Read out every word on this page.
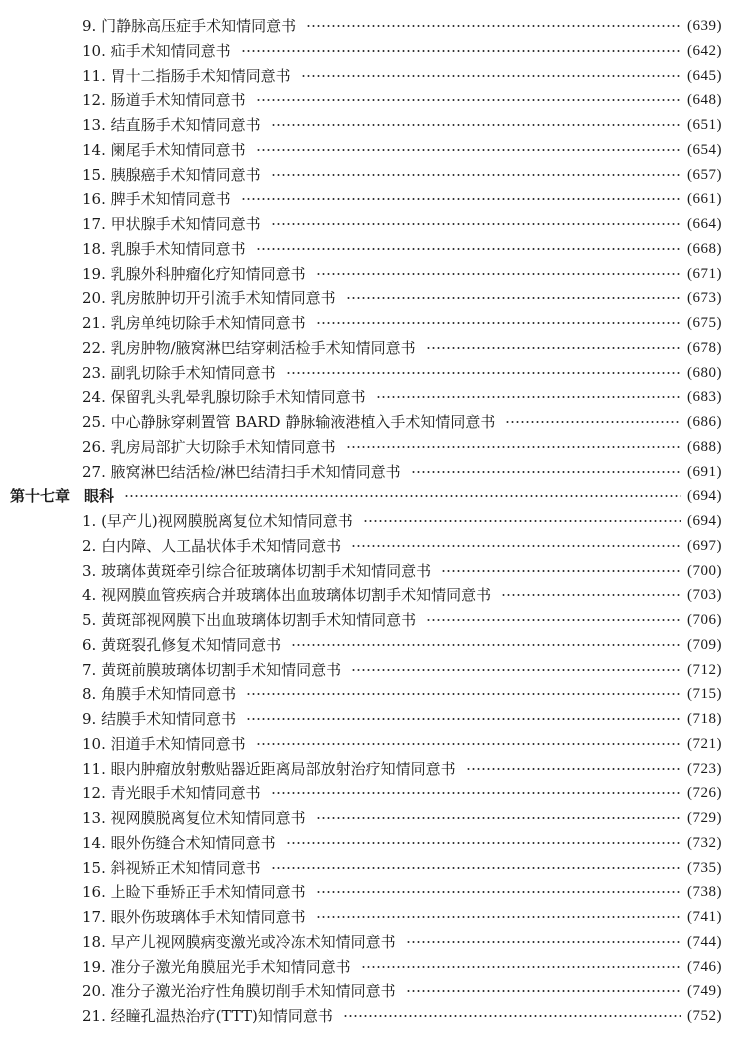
9. 门静脉高压症手术知情同意书	(639)
10. 疝手术知情同意书	(642)
11. 胃十二指肠手术知情同意书	(645)
12. 肠道手术知情同意书	(648)
13. 结直肠手术知情同意书	(651)
14. 阑尾手术知情同意书	(654)
15. 胰腺癌手术知情同意书	(657)
16. 脾手术知情同意书	(661)
17. 甲状腺手术知情同意书	(664)
18. 乳腺手术知情同意书	(668)
19. 乳腺外科肿瘤化疗知情同意书	(671)
20. 乳房脓肿切开引流手术知情同意书	(673)
21. 乳房单纯切除手术知情同意书	(675)
22. 乳房肿物/腋窝淋巴结穿刺活检手术知情同意书	(678)
23. 副乳切除手术知情同意书	(680)
24. 保留乳头乳晕乳腺切除手术知情同意书	(683)
25. 中心静脉穿刺置管 BARD 静脉输液港植入手术知情同意书	(686)
26. 乳房局部扩大切除手术知情同意书	(688)
27. 腋窝淋巴结活检/淋巴结清扫手术知情同意书	(691)
第十七章 眼科	(694)
1. (早产儿)视网膜脱离复位术知情同意书	(694)
2. 白内障、人工晶状体手术知情同意书	(697)
3. 玻璃体黄斑牵引综合征玻璃体切割手术知情同意书	(700)
4. 视网膜血管疾病合并玻璃体出血玻璃体切割手术知情同意书	(703)
5. 黄斑部视网膜下出血玻璃体切割手术知情同意书	(706)
6. 黄斑裂孔修复术知情同意书	(709)
7. 黄斑前膜玻璃体切割手术知情同意书	(712)
8. 角膜手术知情同意书	(715)
9. 结膜手术知情同意书	(718)
10. 泪道手术知情同意书	(721)
11. 眼内肿瘤放射敷贴器近距离局部放射治疗知情同意书	(723)
12. 青光眼手术知情同意书	(726)
13. 视网膜脱离复位术知情同意书	(729)
14. 眼外伤缝合术知情同意书	(732)
15. 斜视矫正术知情同意书	(735)
16. 上睑下垂矫正手术知情同意书	(738)
17. 眼外伤玻璃体手术知情同意书	(741)
18. 早产儿视网膜病变激光或冷冻术知情同意书	(744)
19. 准分子激光角膜屈光手术知情同意书	(746)
20. 准分子激光治疗性角膜切削手术知情同意书	(749)
21. 经瞳孔温热治疗(TTT)知情同意书	(752)
